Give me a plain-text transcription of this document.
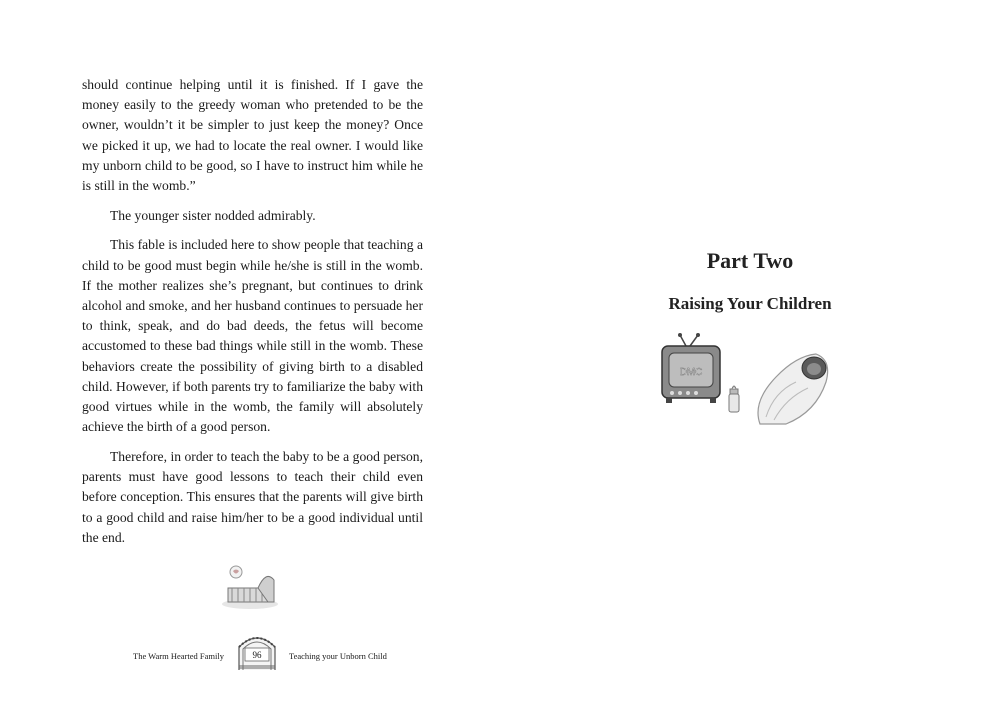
should continue helping until it is finished. If I gave the money easily to the greedy woman who pretended to be the owner, wouldn’t it be simpler to just keep the money? Once we picked it up, we had to locate the real owner. I would like my unborn child to be good, so I have to instruct him while he is still in the womb.”

The younger sister nodded admirably.

This fable is included here to show people that teaching a child to be good must begin while he/she is still in the womb. If the mother realizes she’s pregnant, but continues to drink alcohol and smoke, and her husband continues to persuade her to think, speak, and do bad deeds, the fetus will become accustomed to these bad things while still in the womb. These behaviors create the possibility of giving birth to a disabled child. However, if both parents try to familiarize the baby with good virtues while in the womb, the family will absolutely achieve the birth of a good person.

Therefore, in order to teach the baby to be a good person, parents must have good lessons to teach their child even before conception. This ensures that the parents will give birth to a good child and raise him/her to be a good individual until the end.

The Warm Hearted Family	96	Teaching your Unborn Child
Part Two
Raising Your Children
DMC
